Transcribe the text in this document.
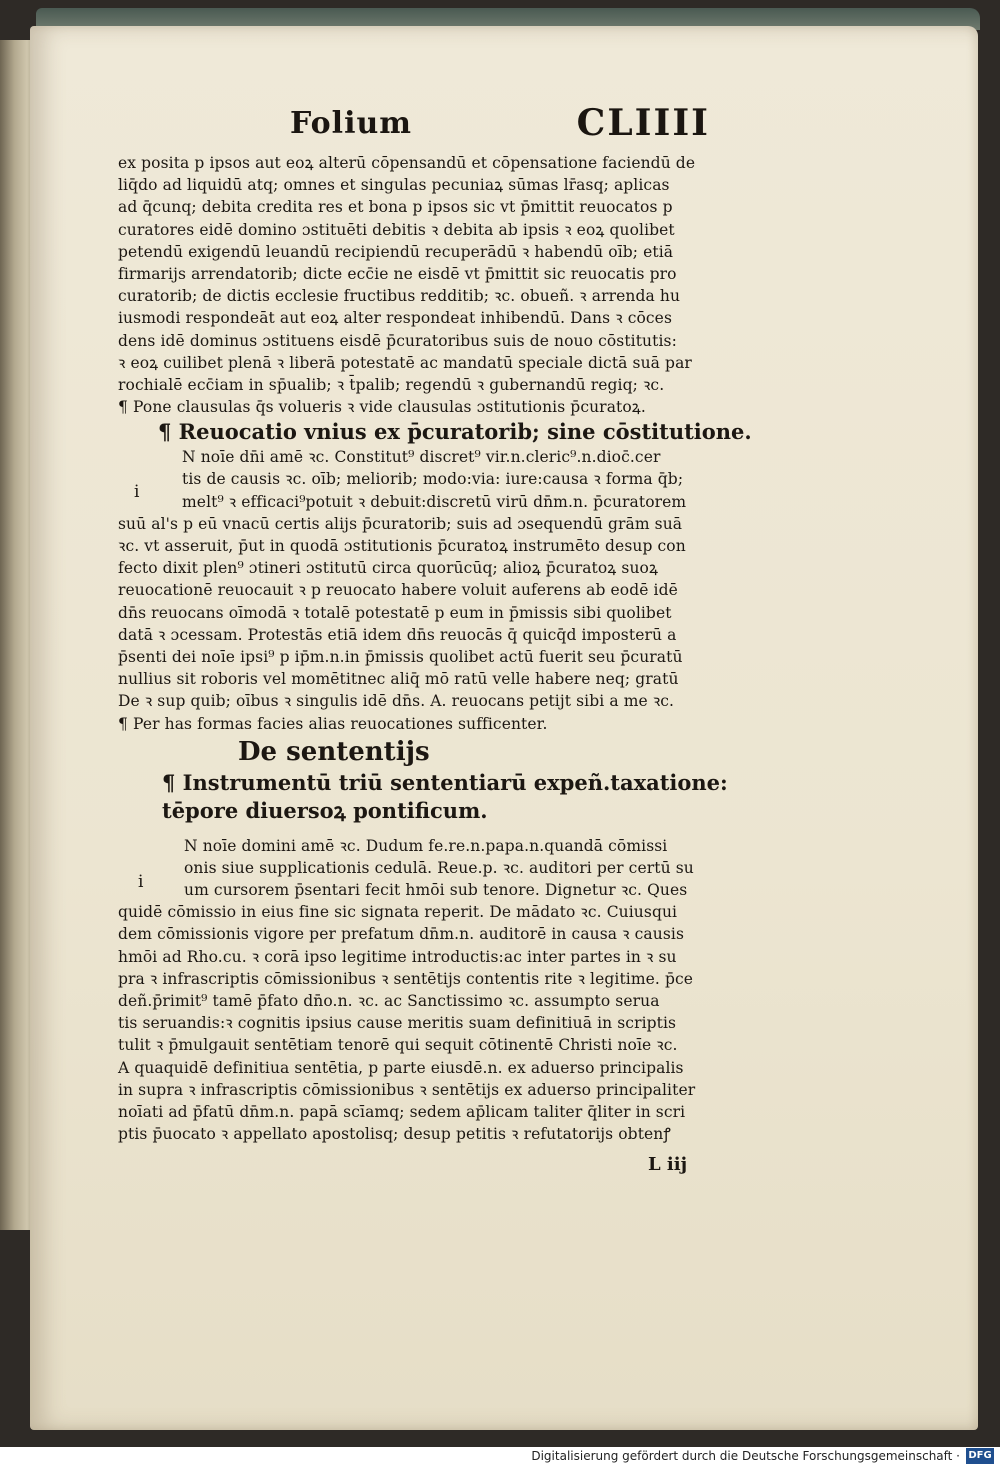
Folium	CLIIII
ex posita p ipsos aut eoꝝ alterū cōpensandū et cōpensatione faciendū de
liq̄do ad liquidū atq; omnes et singulas pecuniaꝝ sūmas lr̄asq; aplicas
ad q̄cunq; debita credita res et bona p ipsos sic vt p̄mittit reuocatos p
curatores eidē domino ɔstituēti debitis ꝛ debita ab ipsis ꝛ eoꝝ quolibet
petendū exigendū leuandū recipiendū recuperādū ꝛ habendū oīb; etiā
firmarijs arrendatorib; dicte ecc̄ie ne eisdē vt p̄mittit sic reuocatis pro
curatorib; de dictis ecclesie fructibus redditib; ꝛc. obueñ. ꝛ arrenda hu
iusmodi respondeāt aut eoꝝ alter respondeat inhibendū. Dans ꝛ cōces
dens idē dominus ɔstituens eisdē p̄curatoribus suis de nouo cōstitutis:
ꝛ eoꝝ cuilibet plenā ꝛ liberā potestatē ac mandatū speciale dictā suā par
rochialē ecc̄iam in sp̄ualib; ꝛ t̄palib; regendū ꝛ gubernandū regiq; ꝛc.
¶ Pone clausulas q̄s volueris ꝛ vide clausulas ɔstitutionis p̄curatoꝝ.
¶ Reuocatio vnius ex p̄curatorib; sine cōstitutione.
N noīe dn̄i amē ꝛc. Constitut⁹ discret⁹ vir.n.cleric⁹.n.dioc̄.cer
tis de causis ꝛc. oīb; meliorib; modo:via: iure:causa ꝛ forma q̄b;
melt⁹ ꝛ efficaci⁹potuit ꝛ debuit:discretū virū dn̄m.n. p̄curatorem
suū al's p eū vnacū certis alijs p̄curatorib; suis ad ɔsequendū grām suā
ꝛc. vt asseruit, p̄ut in quodā ɔstitutionis p̄curatoꝝ instrumēto desup con
fecto dixit plen⁹ ɔtineri ɔstitutū circa quorūcūq; alioꝝ p̄curatoꝝ suoꝝ
reuocationē reuocauit ꝛ p reuocato habere voluit auferens ab eodē idē
dn̄s reuocans oīmodā ꝛ totalē potestatē p eum in p̄missis sibi quolibet
datā ꝛ ɔcessam. Protestās etiā idem dn̄s reuocās q̄ quicq̄d imposterū a
p̄senti dei noīe ipsi⁹ p ip̄m.n.in p̄missis quolibet actū fuerit seu p̄curatū
nullius sit roboris vel momētitnec aliq̄ mō ratū velle habere neq; gratū
De ꝛ sup quib; oībus ꝛ singulis idē dn̄s. A. reuocans petijt sibi a me ꝛc.
¶ Per has formas facies alias reuocationes sufficenter.
De sententijs
¶ Instrumentū triū sententiarū expeñ.taxatione:
tēpore diuersoꝝ pontificum.
N noīe domini amē ꝛc. Dudum fe.re.n.papa.n.quandā cōmissi
onis siue supplicationis cedulā. Reue.p. ꝛc. auditori per certū su
um cursorem p̄sentari fecit hmōi sub tenore. Dignetur ꝛc. Ques
quidē cōmissio in eius fine sic signata reperit. De mādato ꝛc. Cuiusqui
dem cōmissionis vigore per prefatum dn̄m.n. auditorē in causa ꝛ causis
hmōi ad Rho.cu. ꝛ corā ipso legitime introductis:ac inter partes in ꝛ su
pra ꝛ infrascriptis cōmissionibus ꝛ sentētijs contentis rite ꝛ legitime. p̄ce
deñ.p̄rimit⁹ tamē p̄fato dn̄o.n. ꝛc. ac Sanctissimo ꝛc. assumpto serua
tis seruandis:ꝛ cognitis ipsius cause meritis suam definitiuā in scriptis
tulit ꝛ p̄mulgauit sentētiam tenorē qui sequit cōtinentē Christi noīe ꝛc.
A quaquidē definitiua sentētia, p parte eiusdē.n. ex aduerso principalis
in supra ꝛ infrascriptis cōmissionibus ꝛ sentētijs ex aduerso principaliter
noīati ad p̄fatū dn̄m.n. papā scīamq; sedem ap̄licam taliter q̄liter in scri
ptis p̄uocato ꝛ appellato apostolisq; desup petitis ꝛ refutatorijs obtenꝭ
i
i
L iij
Digitalisierung gefördert durch die Deutsche Forschungsgemeinschaft · DFG
